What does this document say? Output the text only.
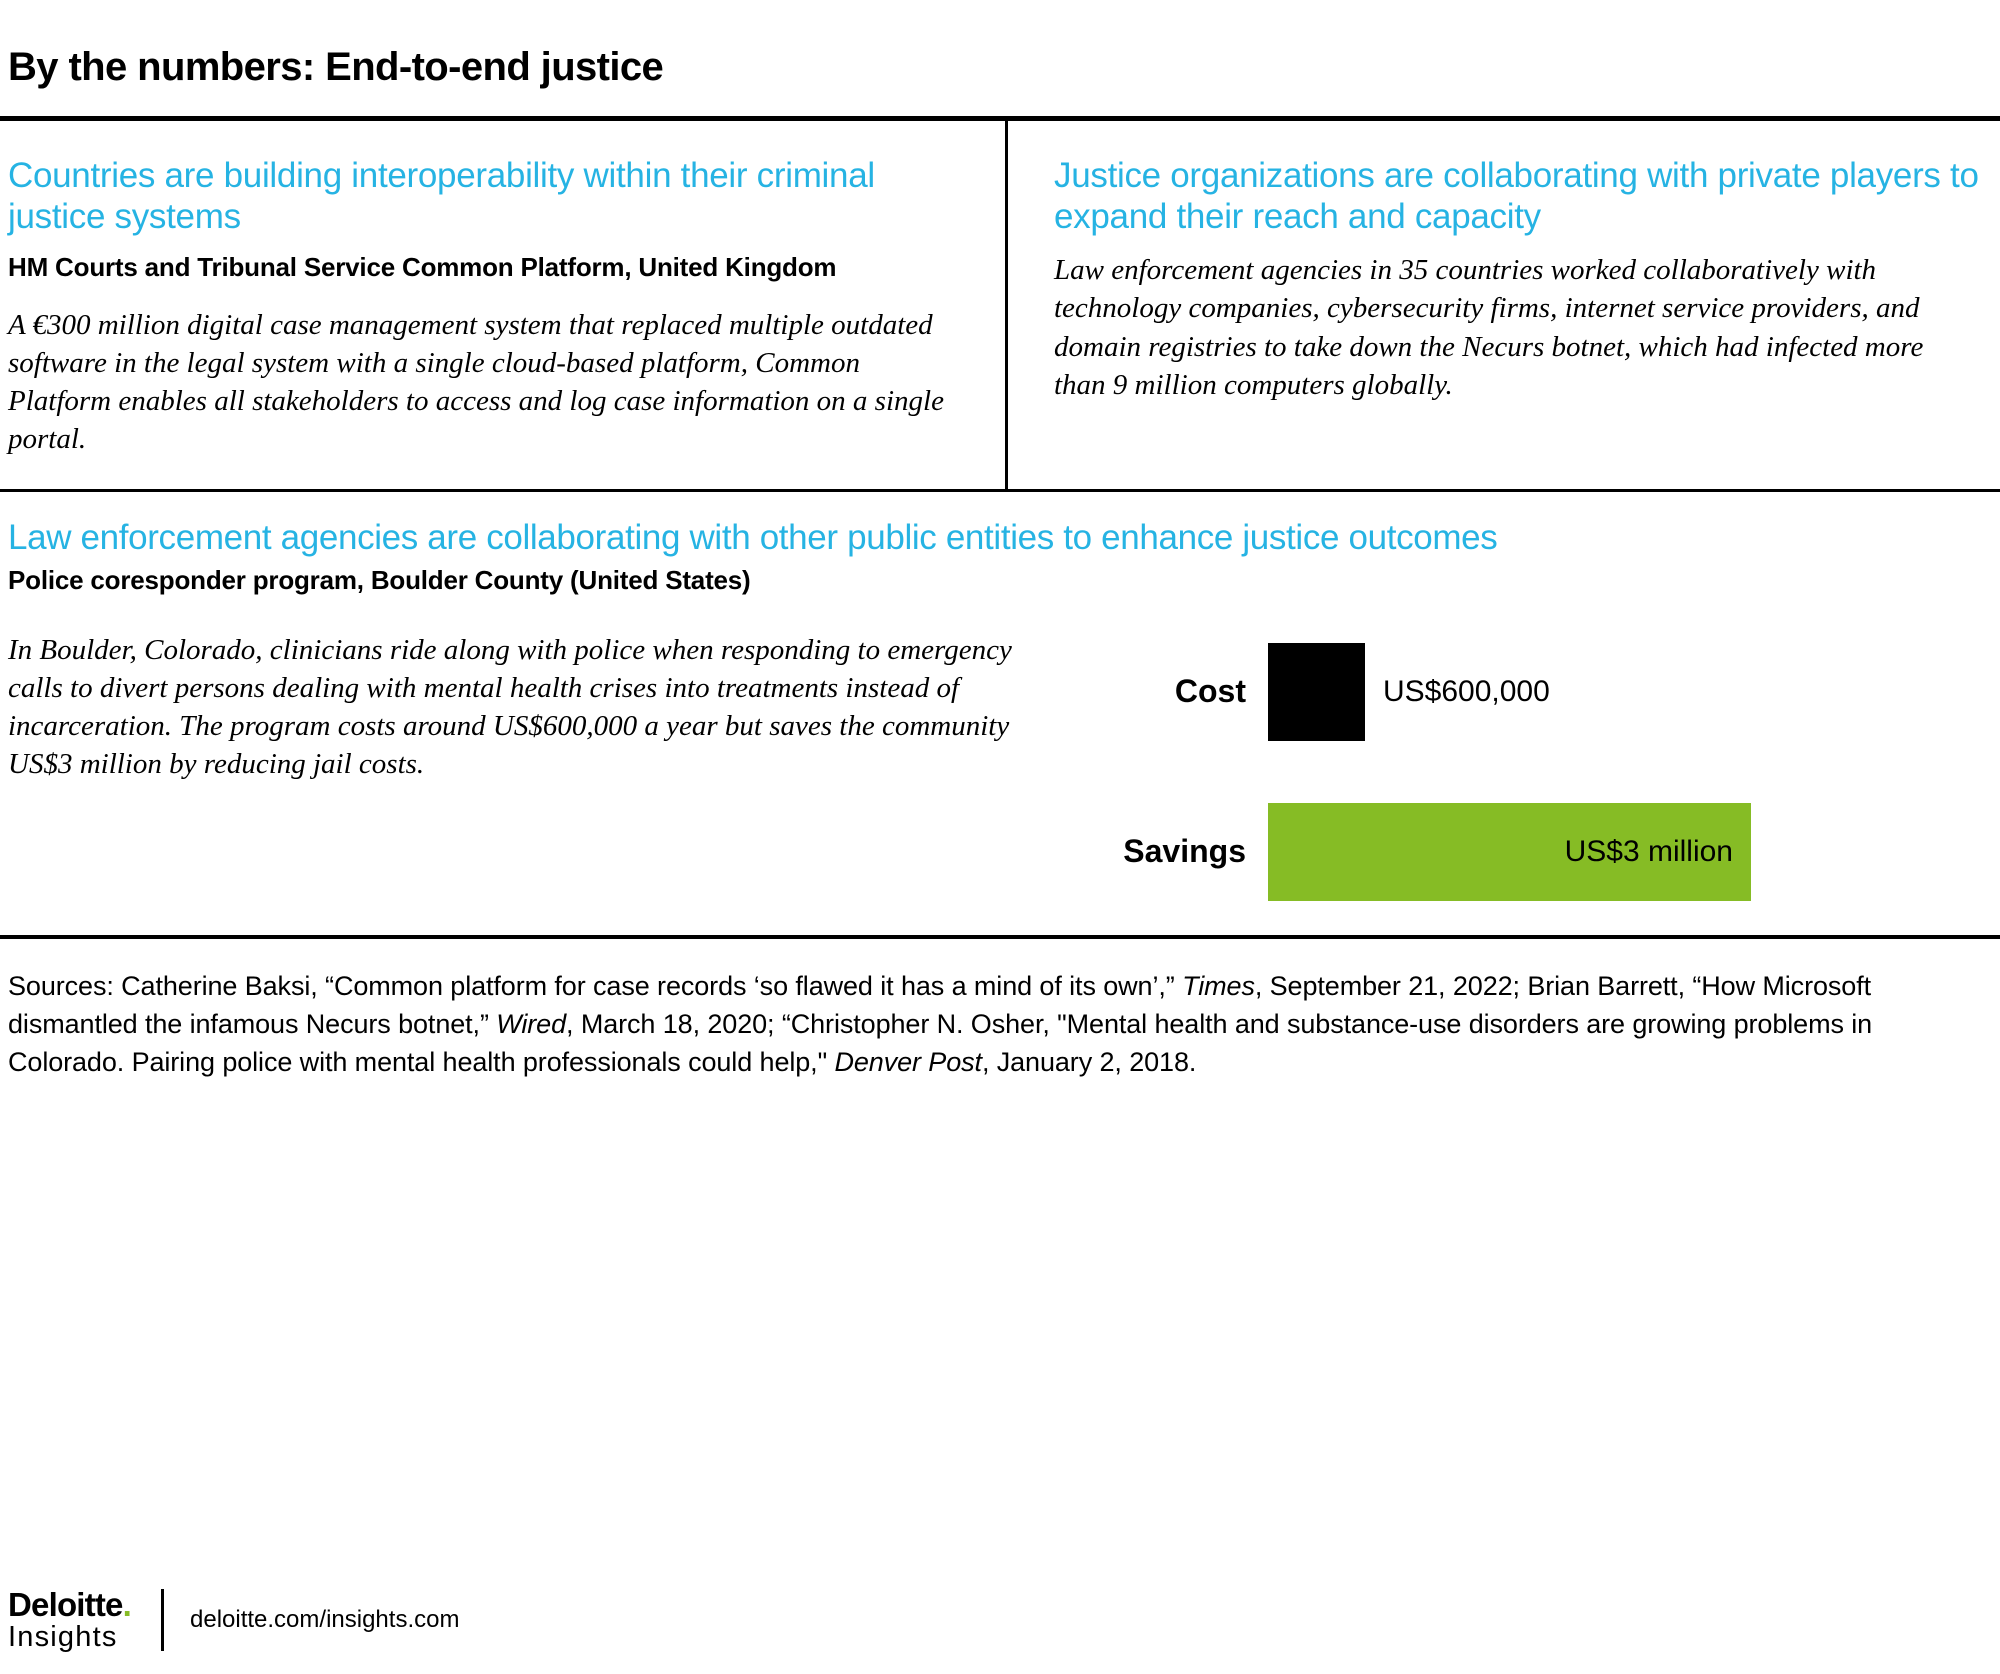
By the numbers: End-to-end justice
Countries are building interoperability within their criminal justice systems
HM Courts and Tribunal Service Common Platform, United Kingdom

A €300 million digital case management system that replaced multiple outdated software in the legal system with a single cloud-based platform, Common Platform enables all stakeholders to access and log case information on a single portal.

Justice organizations are collaborating with private players to expand their reach and capacity

Law enforcement agencies in 35 countries worked collaboratively with technology companies, cybersecurity firms, internet service providers, and domain registries to take down the Necurs botnet, which had infected more than 9 million computers globally.

Law enforcement agencies are collaborating with other public entities to enhance justice outcomes
Police coresponder program, Boulder County (United States)

In Boulder, Colorado, clinicians ride along with police when responding to emergency calls to divert persons dealing with mental health crises into treatments instead of incarceration. The program costs around US$600,000 a year but saves the community US$3 million by reducing jail costs.

Cost	US$600,000
Savings	US$3 million
Sources: Catherine Baksi, “Common platform for case records ‘so flawed it has a mind of its own’,” Times, September 21, 2022; Brian Barrett, “How Microsoft dismantled the infamous Necurs botnet,” Wired, March 18, 2020; “Christopher N. Osher, "Mental health and substance-use disorders are growing problems in Colorado. Pairing police with mental health professionals could help," Denver Post, January 2, 2018.
Deloitte.
Insights
deloitte.com/insights.com
